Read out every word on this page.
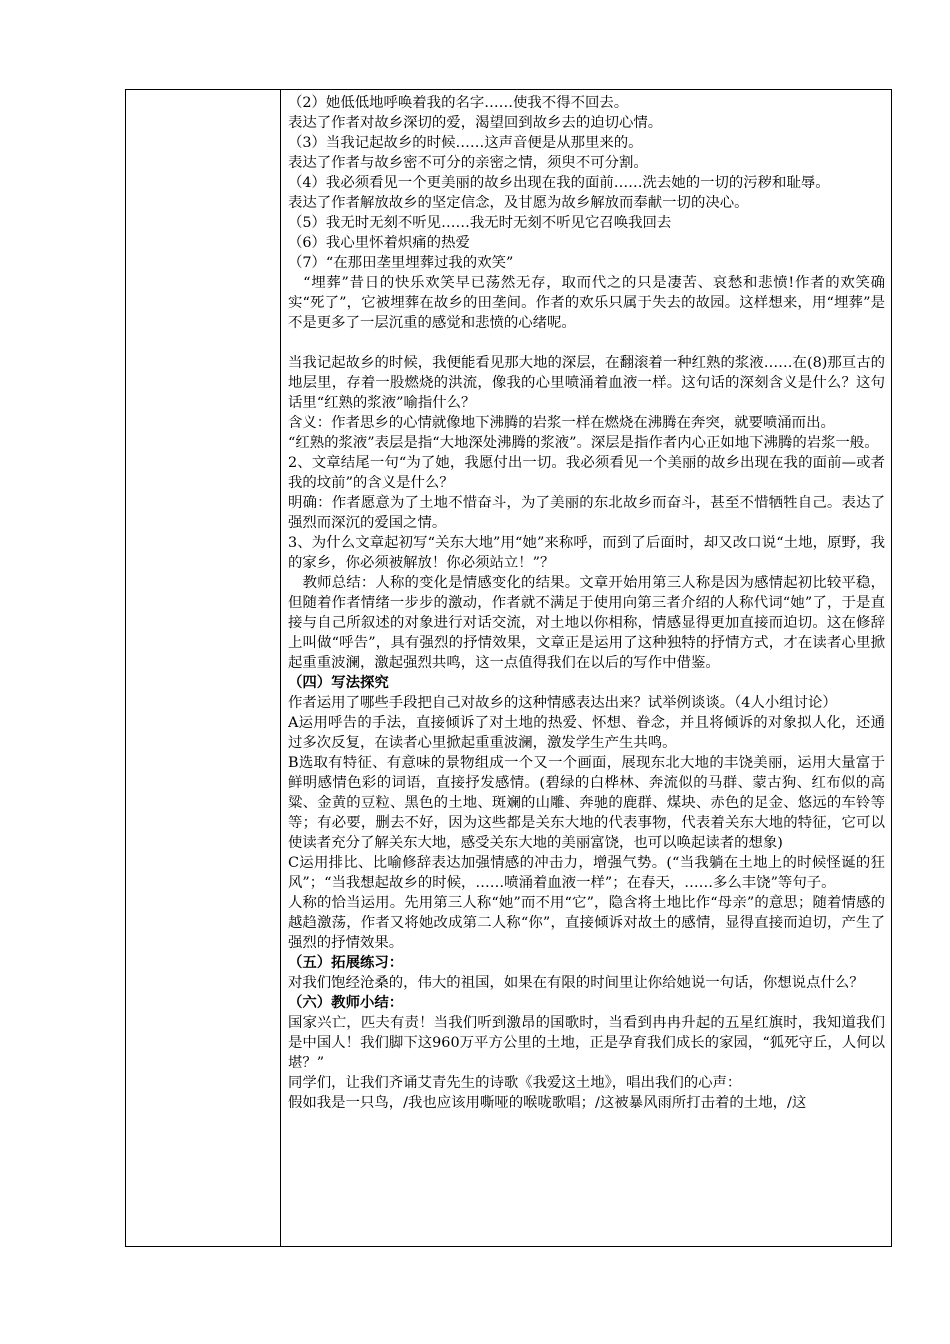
（2）她低低地呼唤着我的名字……使我不得不回去。

表达了作者对故乡深切的爱，渴望回到故乡去的迫切心情。

（3）当我记起故乡的时候……这声音便是从那里来的。

表达了作者与故乡密不可分的亲密之情，须臾不可分割。

（4）我必须看见一个更美丽的故乡出现在我的面前……洗去她的一切的污秽和耻辱。

表达了作者解放故乡的坚定信念，及甘愿为故乡解放而奉献一切的决心。

（5）我无时无刻不听见……我无时无刻不听见它召唤我回去

（6）我心里怀着炽痛的热爱

（7）“在那田垄里埋葬过我的欢笑”

　“埋葬”昔日的快乐欢笑早已荡然无存，取而代之的只是凄苦、哀愁和悲愤!作者的欢笑确实“死了”，它被埋葬在故乡的田垄间。作者的欢乐只属于失去的故园。这样想来，用“埋葬”是不是更多了一层沉重的感觉和悲愤的心绪呢。

当我记起故乡的时候，我便能看见那大地的深层，在翻滚着一种红熟的浆液……在(8)那亘古的地层里，存着一股燃烧的洪流，像我的心里喷涌着血液一样。这句话的深刻含义是什么？这句话里“红熟的浆液”喻指什么？

含义：作者思乡的心情就像地下沸腾的岩浆一样在燃烧在沸腾在奔突，就要喷涌而出。

“红熟的浆液”表层是指“大地深处沸腾的浆液”。深层是指作者内心正如地下沸腾的岩浆一般。

2、文章结尾一句“为了她，我愿付出一切。我必须看见一个美丽的故乡出现在我的面前—或者我的坟前”的含义是什么？

明确：作者愿意为了土地不惜奋斗，为了美丽的东北故乡而奋斗，甚至不惜牺牲自己。表达了强烈而深沉的爱国之情。

3、为什么文章起初写“关东大地”用“她”来称呼，而到了后面时，却又改口说“土地，原野，我的家乡，你必须被解放！你必须站立！”？

　教师总结：人称的变化是情感变化的结果。文章开始用第三人称是因为感情起初比较平稳，但随着作者情绪一步步的激动，作者就不满足于使用向第三者介绍的人称代词“她”了，于是直接与自己所叙述的对象进行对话交流，对土地以你相称，情感显得更加直接而迫切。这在修辞上叫做“呼告”，具有强烈的抒情效果，文章正是运用了这种独特的抒情方式，才在读者心里掀起重重波澜，激起强烈共鸣，这一点值得我们在以后的写作中借鉴。

（四）写法探究

作者运用了哪些手段把自己对故乡的这种情感表达出来？试举例谈谈。（4人小组讨论）

A运用呼告的手法，直接倾诉了对土地的热爱、怀想、眷念，并且将倾诉的对象拟人化，还通过多次反复，在读者心里掀起重重波澜，激发学生产生共鸣。

B选取有特征、有意味的景物组成一个又一个画面，展现东北大地的丰饶美丽，运用大量富于鲜明感情色彩的词语，直接抒发感情。(碧绿的白桦林、奔流似的马群、蒙古狗、红布似的高粱、金黄的豆粒、黑色的土地、斑斓的山雕、奔驰的鹿群、煤块、赤色的足金、悠远的车铃等等；有必要，删去不好，因为这些都是关东大地的代表事物，代表着关东大地的特征，它可以使读者充分了解关东大地，感受关东大地的美丽富饶，也可以唤起读者的想象)

C运用排比、比喻修辞表达加强情感的冲击力，增强气势。(“当我躺在土地上的时候怪诞的狂风”；“当我想起故乡的时候，……喷涌着血液一样”；在春天，……多么丰饶”等句子。

人称的恰当运用。先用第三人称“她”而不用“它”，隐含将土地比作“母亲”的意思；随着情感的越趋激荡，作者又将她改成第二人称“你”，直接倾诉对故土的感情，显得直接而迫切，产生了强烈的抒情效果。

（五）拓展练习：

对我们饱经沧桑的，伟大的祖国，如果在有限的时间里让你给她说一句话，你想说点什么？

（六）教师小结：

国家兴亡，匹夫有责！当我们听到激昂的国歌时，当看到冉冉升起的五星红旗时，我知道我们是中国人！我们脚下这960万平方公里的土地，正是孕育我们成长的家园，“狐死守丘，人何以堪？”

同学们，让我们齐诵艾青先生的诗歌《我爱这土地》，唱出我们的心声：

假如我是一只鸟，/我也应该用嘶哑的喉咙歌唱；/这被暴风雨所打击着的土地，/这
